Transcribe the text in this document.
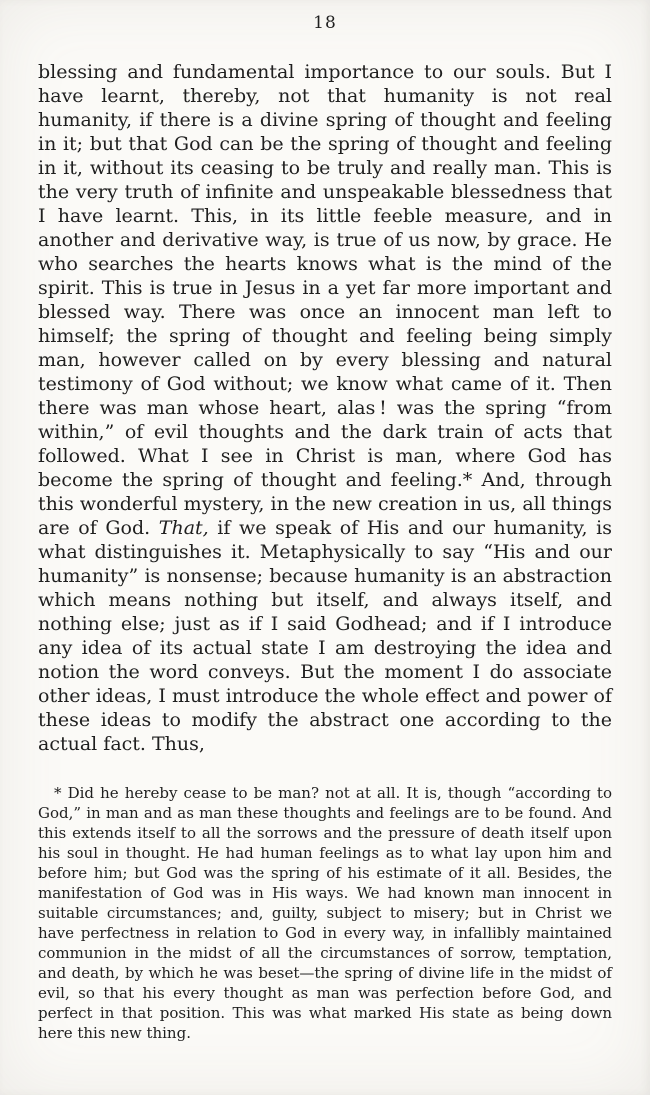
18

blessing and fundamental importance to our souls. But I have learnt, thereby, not that humanity is not real humanity, if there is a divine spring of thought and feeling in it; but that God can be the spring of thought and feeling in it, without its ceasing to be truly and really man. This is the very truth of infinite and unspeakable blessedness that I have learnt. This, in its little feeble measure, and in another and derivative way, is true of us now, by grace. He who searches the hearts knows what is the mind of the spirit. This is true in Jesus in a yet far more important and blessed way. There was once an innocent man left to himself; the spring of thought and feeling being simply man, however called on by every blessing and natural testimony of God without; we know what came of it. Then there was man whose heart, alas ! was the spring “from within,” of evil thoughts and the dark train of acts that followed. What I see in Christ is man, where God has become the spring of thought and feeling.* And, through this wonderful mystery, in the new creation in us, all things are of God. That, if we speak of His and our humanity, is what distinguishes it. Metaphysically to say “His and our humanity” is nonsense; because humanity is an abstraction which means nothing but itself, and always itself, and nothing else; just as if I said Godhead; and if I introduce any idea of its actual state I am destroying the idea and notion the word conveys. But the moment I do associate other ideas, I must introduce the whole effect and power of these ideas to modify the abstract one according to the actual fact. Thus,

* Did he hereby cease to be man? not at all. It is, though “according to God,” in man and as man these thoughts and feelings are to be found. And this extends itself to all the sorrows and the pressure of death itself upon his soul in thought. He had human feelings as to what lay upon him and before him; but God was the spring of his estimate of it all. Besides, the manifestation of God was in His ways. We had known man innocent in suitable circumstances; and, guilty, subject to misery; but in Christ we have perfectness in relation to God in every way, in infallibly maintained communion in the midst of all the circumstances of sorrow, temptation, and death, by which he was beset—the spring of divine life in the midst of evil, so that his every thought as man was perfection before God, and perfect in that position. This was what marked His state as being down here this new thing.
